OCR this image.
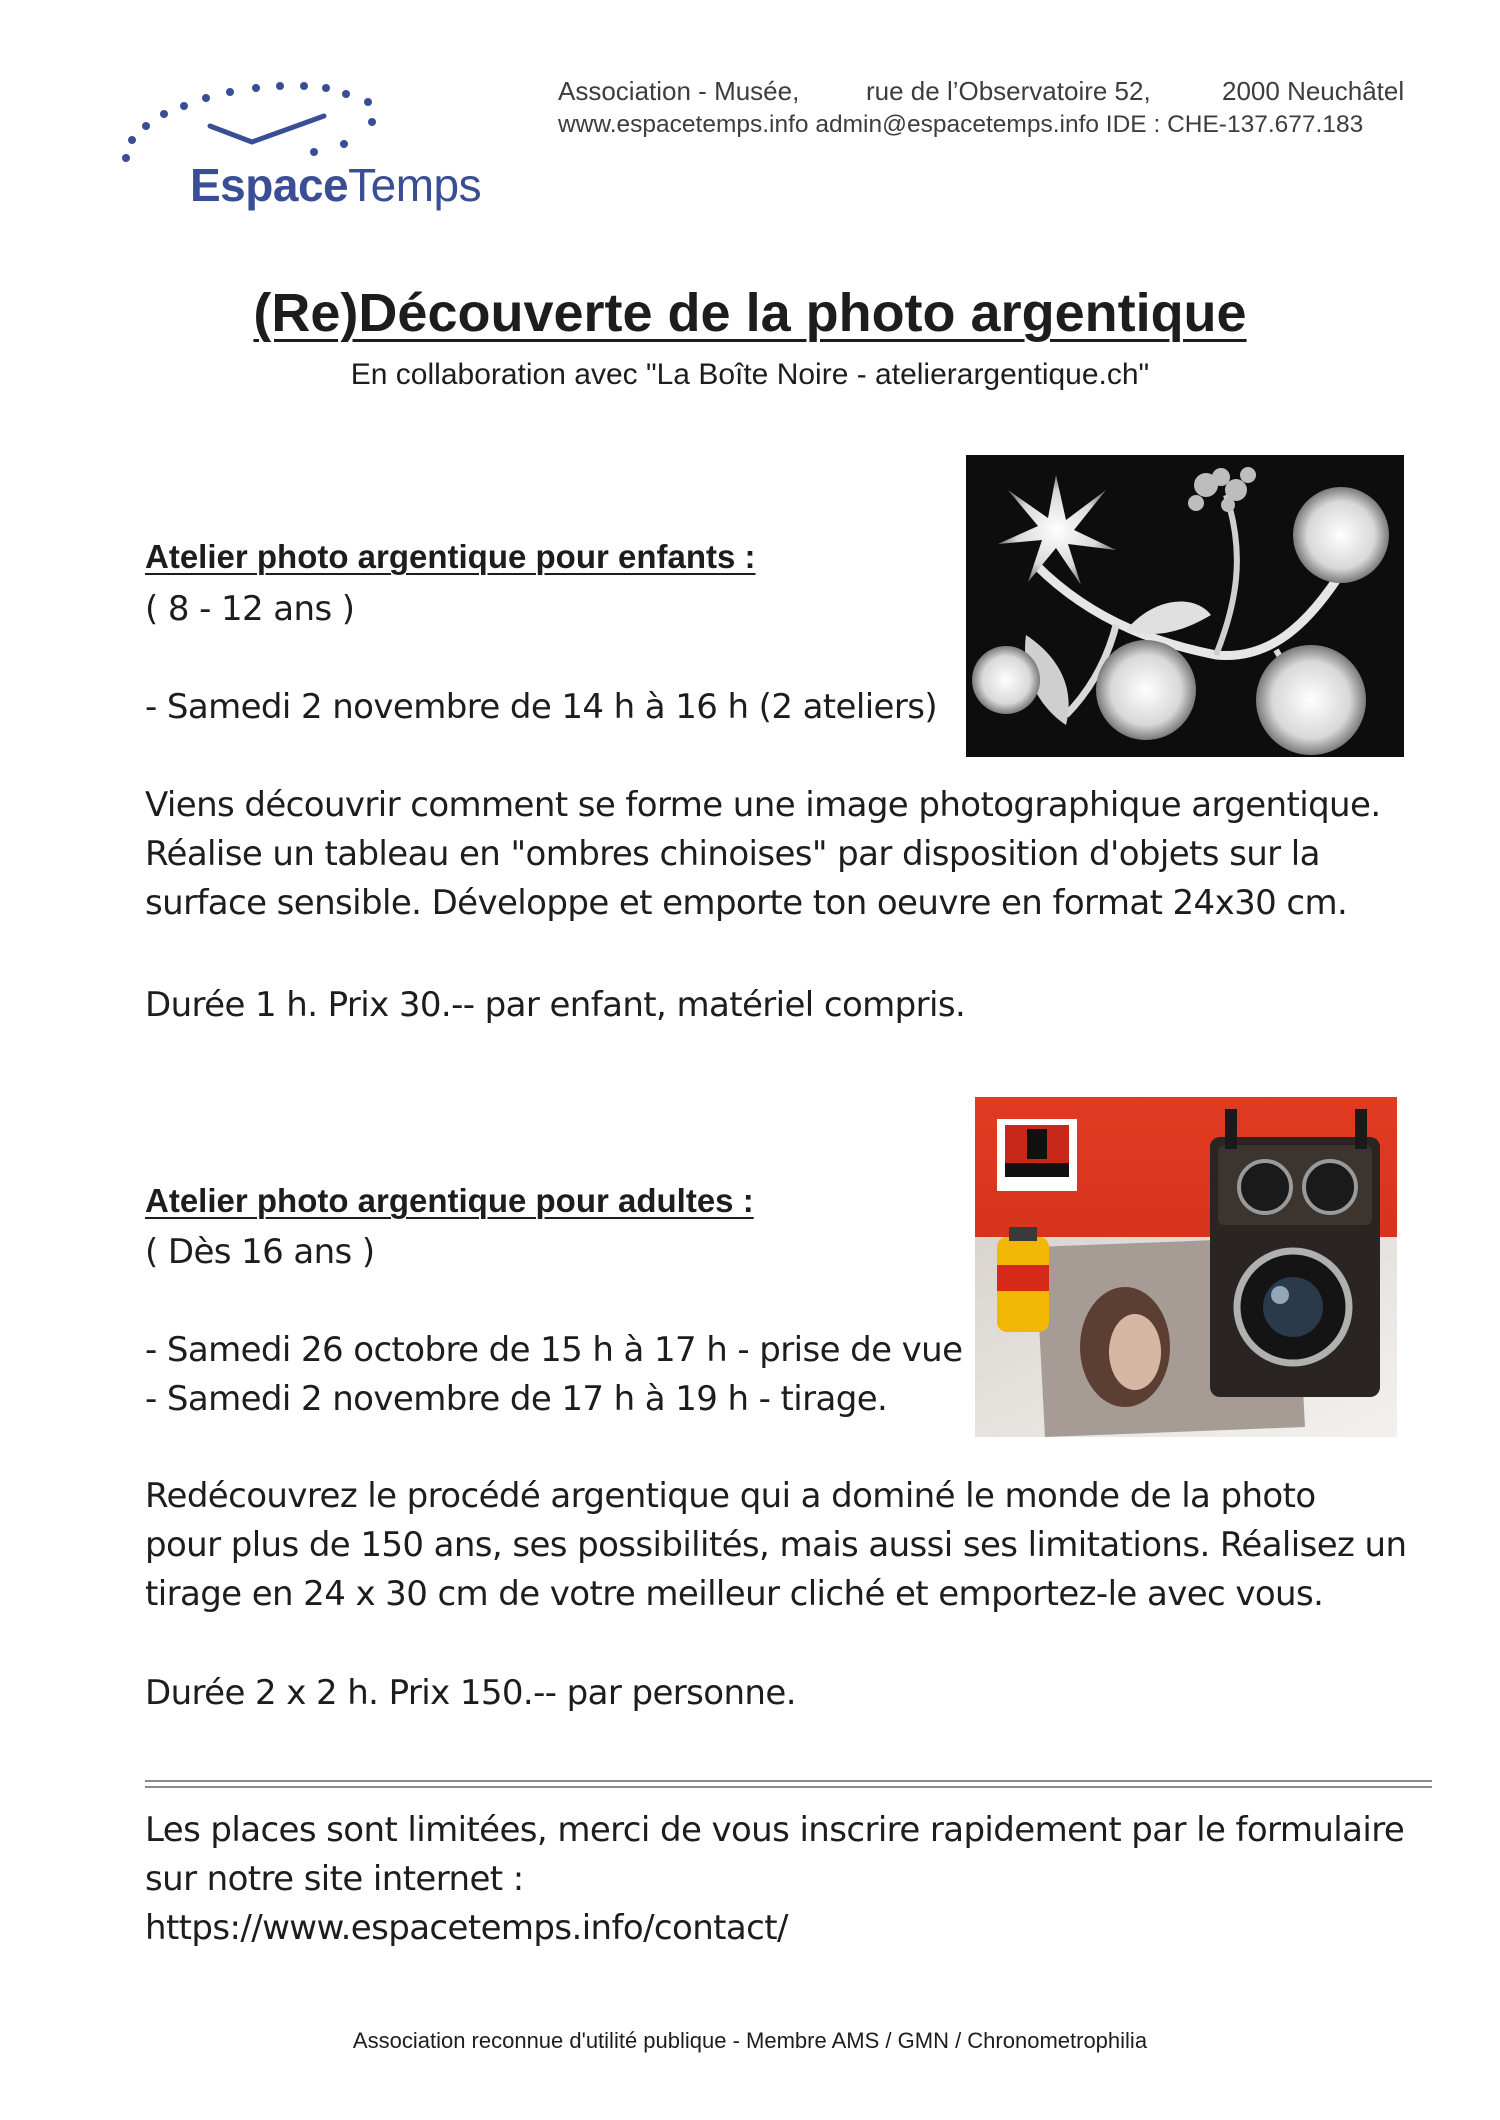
EspaceTemps
Association - Musée,	rue de l’Observatoire 52,	2000 Neuchâtel
www.espacetemps.info admin@espacetemps.info IDE : CHE-137.677.183
(Re)Découverte de la photo argentique
En collaboration avec "La Boîte Noire - atelierargentique.ch"
Atelier photo argentique pour enfants :
( 8 - 12 ans )
- Samedi 2 novembre de 14 h à 16 h (2 ateliers)
Viens découvrir comment se forme une image photographique argentique.
Réalise un tableau en "ombres chinoises" par disposition d'objets sur la
surface sensible. Développe et emporte ton oeuvre en format 24x30 cm.
Durée 1 h. Prix 30.-- par enfant, matériel compris.
Atelier photo argentique pour adultes :
( Dès 16 ans )
- Samedi 26 octobre de 15 h à 17 h - prise de vue
- Samedi 2 novembre de 17 h à 19 h - tirage.
Redécouvrez le procédé argentique qui a dominé le monde de la photo
pour plus de 150 ans, ses possibilités, mais aussi ses limitations. Réalisez un
tirage en 24 x 30 cm de votre meilleur cliché et emportez-le avec vous.
Durée 2 x 2 h. Prix 150.-- par personne.
Les places sont limitées, merci de vous inscrire rapidement par le formulaire
sur notre site internet :
https://www.espacetemps.info/contact/
Association reconnue d'utilité publique - Membre AMS / GMN / Chronometrophilia
